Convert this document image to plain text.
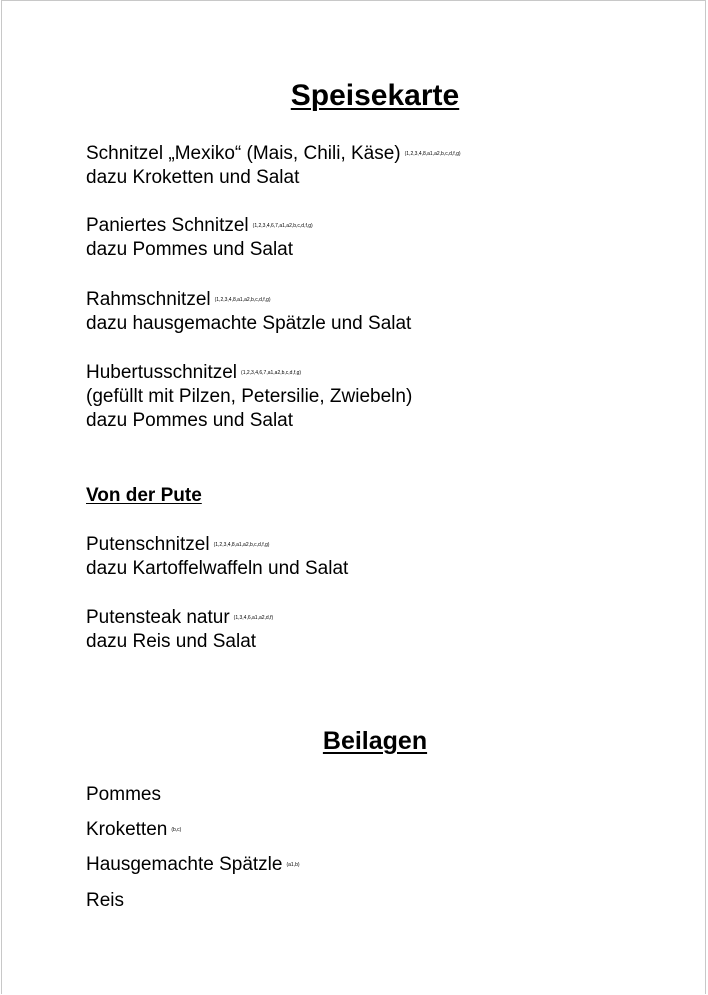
Speisekarte
Schnitzel „Mexiko“ (Mais, Chili, Käse) $^{(1,2,3,4,8,a1,a2,b,c,d,f,g)}$
dazu Kroketten und Salat
Paniertes Schnitzel $^{(1,2,3,4,6,7,a1,a2,b,c,d,f,g)}$
dazu Pommes und Salat
Rahmschnitzel $^{(1,2,3,4,8,a1,a2,b,c,d,f,g)}$
dazu hausgemachte Spätzle und Salat
Hubertusschnitzel $^{(1,2,3,4,6,7,a1,a2,b,c,d,f,g)}$
(gefüllt mit Pilzen, Petersilie, Zwiebeln)
dazu Pommes und Salat
Von der Pute
Putenschnitzel $^{(1,2,3,4,8,a1,a2,b,c,d,f,g)}$
dazu Kartoffelwaffeln und Salat
Putensteak natur $^{(1,3,4,6,a1,a2,d,f)}$
dazu Reis und Salat
Beilagen
Pommes
Kroketten $^{(b,c)}$
Hausgemachte Spätzle $^{(a1,b)}$
Reis
